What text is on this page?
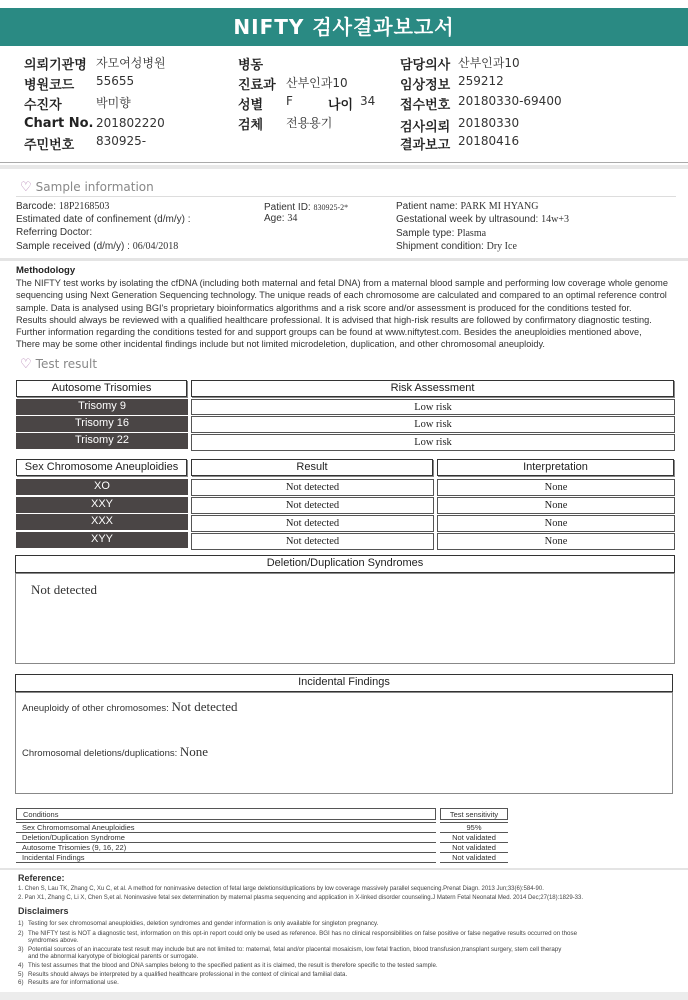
NIFTY 검사결과보고서
의뢰기관명 자모여성병원
병원코드 55655
수진자	박미향
Chart No. 201802220
주민번호 830925-
병동
진료과 산부인과10
성별 F	나이 34
검체 전용용기
담당의사 산부인과10
임상정보 259212
접수번호 20180330-69400
검사의뢰 20180330
결과보고 20180416
♡ Sample information
Barcode: 18P2168503
Estimated date of confinement (d/m/y) :
Referring Doctor:
Sample received (d/m/y) : 06/04/2018
Patient ID: 830925-2*
Age: 34
Patient name: PARK MI HYANG
Gestational week by ultrasound: 14w+3
Sample type: Plasma
Shipment condition: Dry Ice
Methodology
The NIFTY test works by isolating the cfDNA (including both maternal and fetal DNA) from a maternal blood sample and performing low coverage whole genome
sequencing using Next Generation Sequencing technology. The unique reads of each chromosome are calculated and compared to an optimal reference control
sample. Data is analysed using BGI's proprietary bioinformatics algorithms and a risk score and/or assessment is produced for the conditions tested for.
Results should always be reviewed with a qualified healthcare professional. It is advised that high-risk results are followed by confirmatory diagnostic testing.
Further information regarding the conditions tested for and support groups can be found at www.niftytest.com. Besides the aneuploidies mentioned above,
There may be some other incidental findings include but not limited microdeletion, duplication, and other chromosomal aneuploidy.
♡ Test result
Autosome Trisomies	Risk Assessment
Trisomy 9	Low risk
Trisomy 16	Low risk
Trisomy 22	Low risk
Sex Chromosome Aneuploidies	Result	Interpretation
XO	Not detected	None
XXY	Not detected	None
XXX	Not detected	None
XYY	Not detected	None
Deletion/Duplication Syndromes
Not detected
Incidental Findings
Aneuploidy of other chromosomes: Not detected
Chromosomal deletions/duplications: None
Conditions	Test sensitivity
Sex Chromomsomal Aneuploidies	95%
Deletion/Duplication Syndrome	Not validated
Autosome Trisomies (9, 16, 22)	Not validated
Incidental Findings	Not validated
Reference:
1. Chen S, Lau TK, Zhang C, Xu C, et al. A method for noninvasive detection of fetal large deletions/duplications by low coverage massively parallel sequencing.Prenat Diagn. 2013 Jun;33(6):584-90.
2. Pan X1, Zhang C, Li X, Chen S,et al. Noninvasive fetal sex determination by maternal plasma sequencing and application in X-linked disorder counseling.J Matern Fetal Neonatal Med. 2014 Dec;27(18):1829-33.
Disclaimers
1) Testing for sex chromosomal aneuploidies, deletion syndromes and gender information is only available for singleton pregnancy.
2) The NIFTY test is NOT a diagnostic test, information on this opt-in report could only be used as reference. BGI has no clinical responsibilities on false positive or false negative results occurred on those
syndromes above.
3) Potential sources of an inaccurate test result may include but are not limited to: maternal, fetal and/or placental mosaicism, low fetal fraction, blood transfusion,transplant surgery, stem cell therapy
and the abnormal karyotype of biological parents or surrogate.
4) This test assumes that the blood and DNA samples belong to the specified patient as it is claimed, the result is therefore specific to the tested sample.
5) Results should always be interpreted by a qualified healthcare professional in the context of clinical and familial data.
6) Results are for informational use.
